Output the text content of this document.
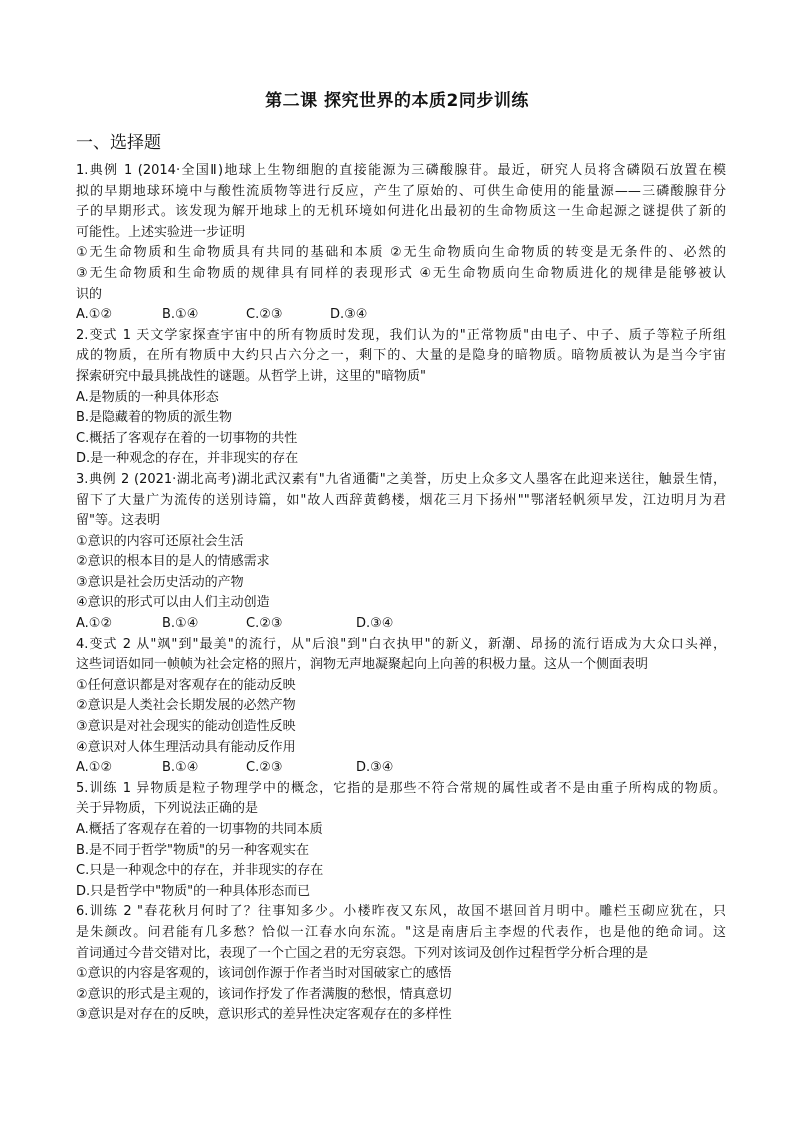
第二课 探究世界的本质2同步训练
一、选择题
1.典例 1 (2014·全国Ⅱ)地球上生物细胞的直接能源为三磷酸腺苷。最近，研究人员将含磷陨石放置在模
拟的早期地球环境中与酸性流质物等进行反应，产生了原始的、可供生命使用的能量源——三磷酸腺苷分
子的早期形式。该发现为解开地球上的无机环境如何进化出最初的生命物质这一生命起源之谜提供了新的
可能性。上述实验进一步证明
①无生命物质和生命物质具有共同的基础和本质 ②无生命物质向生命物质的转变是无条件的、必然的
③无生命物质和生命物质的规律具有同样的表现形式 ④无生命物质向生命物质进化的规律是能够被认
识的
A.①②	B.①④	C.②③	D.③④
2.变式 1 天文学家探查宇宙中的所有物质时发现，我们认为的"正常物质"由电子、中子、质子等粒子所组
成的物质，在所有物质中大约只占六分之一，剩下的、大量的是隐身的暗物质。暗物质被认为是当今宇宙
探索研究中最具挑战性的谜题。从哲学上讲，这里的"暗物质"
A.是物质的一种具体形态
B.是隐藏着的物质的派生物
C.概括了客观存在着的一切事物的共性
D.是一种观念的存在，并非现实的存在
3.典例 2 (2021·湖北高考)湖北武汉素有"九省通衢"之美誉，历史上众多文人墨客在此迎来送往，触景生情，
留下了大量广为流传的送别诗篇，如"故人西辞黄鹤楼，烟花三月下扬州""鄂渚轻帆须早发，江边明月为君
留"等。这表明
①意识的内容可还原社会生活
②意识的根本目的是人的情感需求
③意识是社会历史活动的产物
④意识的形式可以由人们主动创造
A.①②	B.①④	C.②③	D.③④
4.变式 2 从"飒"到"最美"的流行，从"后浪"到"白衣执甲"的新义，新潮、昂扬的流行语成为大众口头禅，
这些词语如同一帧帧为社会定格的照片，润物无声地凝聚起向上向善的积极力量。这从一个侧面表明
①任何意识都是对客观存在的能动反映
②意识是人类社会长期发展的必然产物
③意识是对社会现实的能动创造性反映
④意识对人体生理活动具有能动反作用
A.①②	B.①④	C.②③	D.③④
5.训练 1 异物质是粒子物理学中的概念，它指的是那些不符合常规的属性或者不是由重子所构成的物质。
关于异物质，下列说法正确的是
A.概括了客观存在着的一切事物的共同本质
B.是不同于哲学"物质"的另一种客观实在
C.只是一种观念中的存在，并非现实的存在
D.只是哲学中"物质"的一种具体形态而已
6.训练 2 "春花秋月何时了？往事知多少。小楼昨夜又东风，故国不堪回首月明中。雕栏玉砌应犹在，只
是朱颜改。问君能有几多愁？恰似一江春水向东流。"这是南唐后主李煜的代表作，也是他的绝命词。这
首词通过今昔交错对比，表现了一个亡国之君的无穷哀怨。下列对该词及创作过程哲学分析合理的是
①意识的内容是客观的，该词创作源于作者当时对国破家亡的感悟
②意识的形式是主观的，该词作抒发了作者满腹的愁恨，情真意切
③意识是对存在的反映，意识形式的差异性决定客观存在的多样性
